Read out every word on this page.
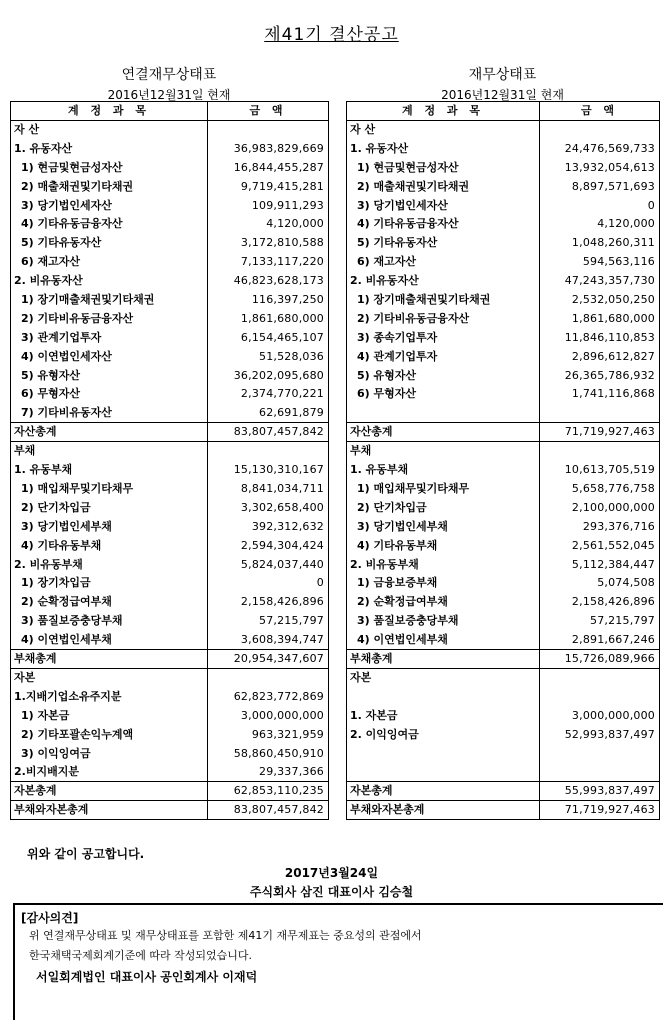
제41기 결산공고
연결재무상태표
2016년12월31일 현재
재무상태표
2016년12월31일 현재
계 정 과 목	금 액
자 산	
1. 유동자산	36,983,829,669
1) 현금및현금성자산	16,844,455,287
2) 매출채권및기타채권	9,719,415,281
3) 당기법인세자산	109,911,293
4) 기타유동금융자산	4,120,000
5) 기타유동자산	3,172,810,588
6) 재고자산	7,133,117,220
2. 비유동자산	46,823,628,173
1) 장기매출채권및기타채권	116,397,250
2) 기타비유동금융자산	1,861,680,000
3) 관계기업투자	6,154,465,107
4) 이연법인세자산	51,528,036
5) 유형자산	36,202,095,680
6) 무형자산	2,374,770,221
7) 기타비유동자산	62,691,879
자산총계	83,807,457,842
부채	
1. 유동부채	15,130,310,167
1) 매입채무및기타채무	8,841,034,711
2) 단기차입금	3,302,658,400
3) 당기법인세부채	392,312,632
4) 기타유동부채	2,594,304,424
2. 비유동부채	5,824,037,440
1) 장기차입금	0
2) 순확정급여부채	2,158,426,896
3) 품질보증충당부채	57,215,797
4) 이연법인세부채	3,608,394,747
부채총계	20,954,347,607
자본	
1.지배기업소유주지분	62,823,772,869
1) 자본금	3,000,000,000
2) 기타포괄손익누계액	963,321,959
3) 이익잉여금	58,860,450,910
2.비지배지분	29,337,366
자본총계	62,853,110,235
부채와자본총계	83,807,457,842
계 정 과 목	금 액
자 산	
1. 유동자산	24,476,569,733
1) 현금및현금성자산	13,932,054,613
2) 매출채권및기타채권	8,897,571,693
3) 당기법인세자산	0
4) 기타유동금융자산	4,120,000
5) 기타유동자산	1,048,260,311
6) 재고자산	594,563,116
2. 비유동자산	47,243,357,730
1) 장기매출채권및기타채권	2,532,050,250
2) 기타비유동금융자산	1,861,680,000
3) 종속기업투자	11,846,110,853
4) 관계기업투자	2,896,612,827
5) 유형자산	26,365,786,932
6) 무형자산	1,741,116,868

자산총계	71,719,927,463
부채	
1. 유동부채	10,613,705,519
1) 매입채무및기타채무	5,658,776,758
2) 단기차입금	2,100,000,000
3) 당기법인세부채	293,376,716
4) 기타유동부채	2,561,552,045
2. 비유동부채	5,112,384,447
1) 금융보증부채	5,074,508
2) 순확정급여부채	2,158,426,896
3) 품질보증충당부채	57,215,797
4) 이연법인세부채	2,891,667,246
부채총계	15,726,089,966
자본	

1. 자본금	3,000,000,000
2. 이익잉여금	52,993,837,497

자본총계	55,993,837,497
부채와자본총계	71,719,927,463
위와 같이 공고합니다.
2017년3월24일
주식회사 삼진 대표이사 김승철
[감사의견]
위 연결재무상태표 및 재무상태표를 포함한 제41기 재무제표는 중요성의 관점에서
한국채택국제회계기준에 따라 작성되었습니다.
서일회계법인 대표이사 공인회계사 이재덕
